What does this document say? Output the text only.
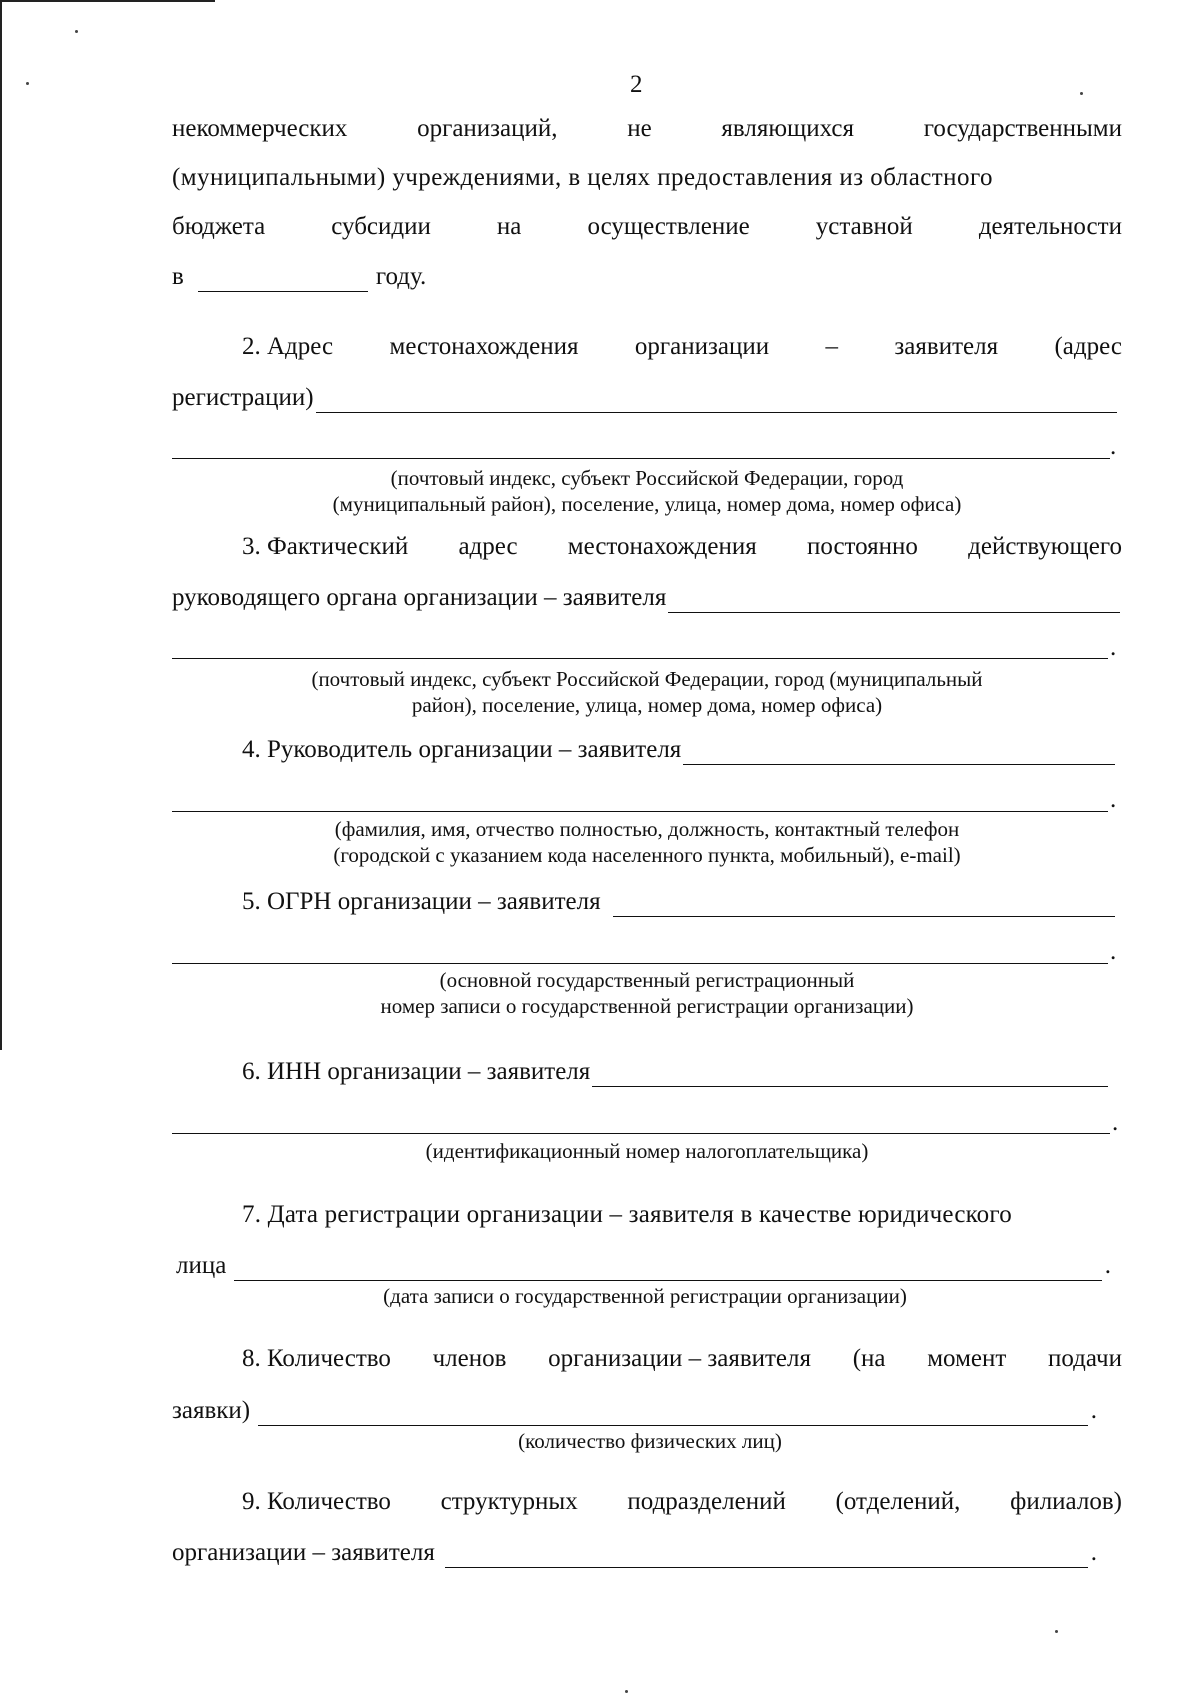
2
некоммерческих	организаций,	не	являющихся	государственными
(муниципальными) учреждениями, в целях предоставления из областного
бюджета	субсидии	на	осуществление	уставной	деятельности
в	году.
2. Адрес местонахождения организации – заявителя (адрес
регистрации)
.
(почтовый индекс, субъект Российской Федерации, город
(муниципальный район), поселение, улица, номер дома, номер офиса)
3. Фактический адрес местонахождения постоянно действующего
руководящего органа организации – заявителя
.
(почтовый индекс, субъект Российской Федерации, город (муниципальный
район), поселение, улица, номер дома, номер офиса)
4. Руководитель организации – заявителя
.
(фамилия, имя, отчество полностью, должность, контактный телефон
(городской с указанием кода населенного пункта, мобильный), e-mail)
5. ОГРН организации – заявителя
.
(основной государственный регистрационный
номер записи о государственной регистрации организации)
6. ИНН организации – заявителя
.
(идентификационный номер налогоплательщика)
7. Дата регистрации организации – заявителя в качестве юридического
лица	.
(дата записи о государственной регистрации организации)
8. Количество членов организации – заявителя (на момент подачи
заявки)	.
(количество физических лиц)
9. Количество структурных подразделений (отделений, филиалов)
организации – заявителя	.
